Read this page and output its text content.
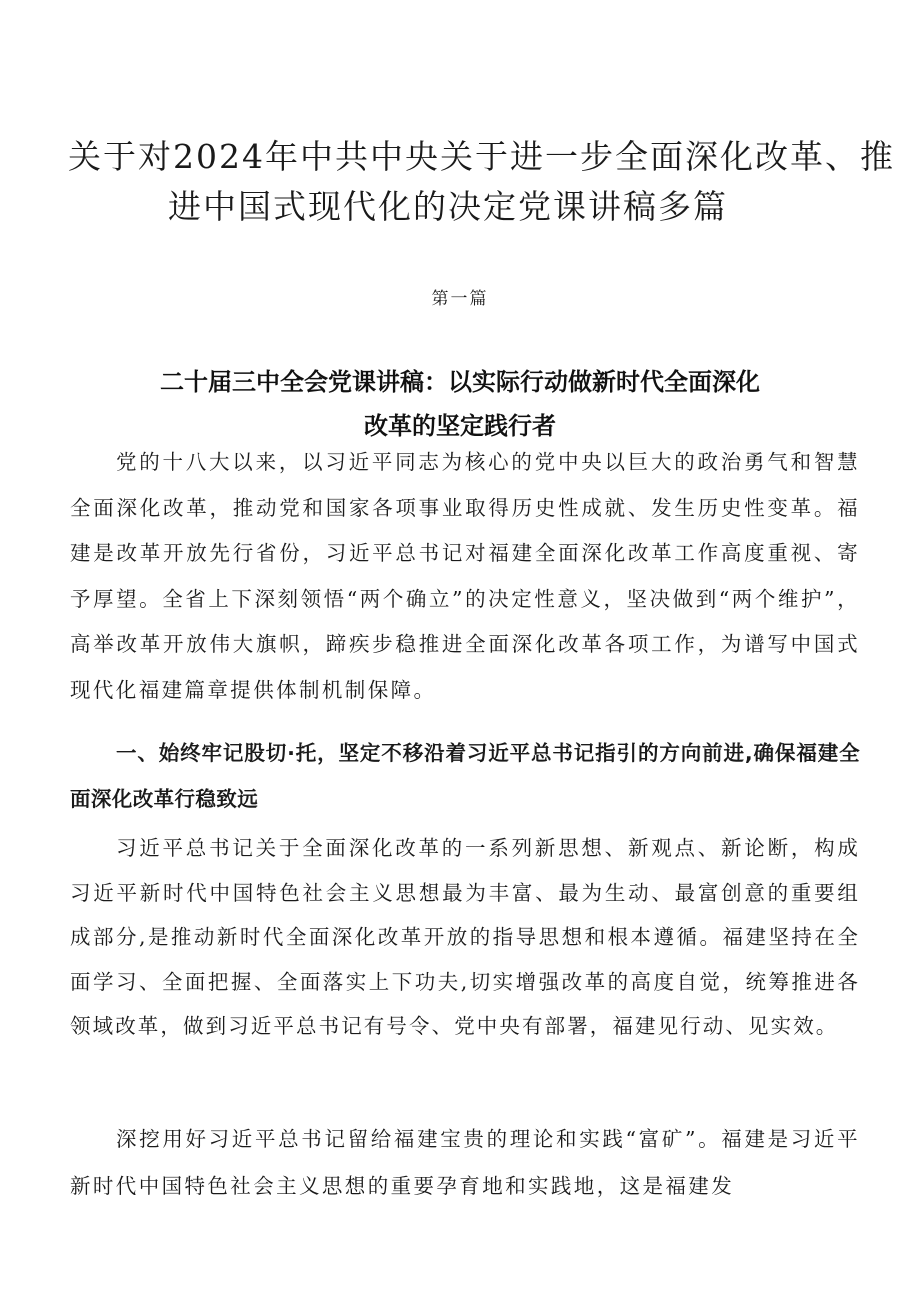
关于对2024年中共中央关于进一步全面深化改革、推
进中国式现代化的决定党课讲稿多篇
第一篇
二十届三中全会党课讲稿：以实际行动做新时代全面深化
改革的坚定践行者

党的十八大以来，以习近平同志为核心的党中央以巨大的政治勇气和智慧全面深化改革，推动党和国家各项事业取得历史性成就、发生历史性变革。福建是改革开放先行省份，习近平总书记对福建全面深化改革工作高度重视、寄予厚望。全省上下深刻领悟“两个确立”的决定性意义，坚决做到“两个维护”，高举改革开放伟大旗帜，蹄疾步稳推进全面深化改革各项工作，为谱写中国式现代化福建篇章提供体制机制保障。

一、始终牢记股切·托，坚定不移沿着习近平总书记指引的方向前进,确保福建全面深化改革行稳致远

习近平总书记关于全面深化改革的一系列新思想、新观点、新论断，构成习近平新时代中国特色社会主义思想最为丰富、最为生动、最富创意的重要组成部分,是推动新时代全面深化改革开放的指导思想和根本遵循。福建坚持在全面学习、全面把握、全面落实上下功夫,切实增强改革的高度自觉，统筹推进各领域改革，做到习近平总书记有号令、党中央有部署，福建见行动、见实效。

深挖用好习近平总书记留给福建宝贵的理论和实践“富矿”。福建是习近平新时代中国特色社会主义思想的重要孕育地和实践地，这是福建发
